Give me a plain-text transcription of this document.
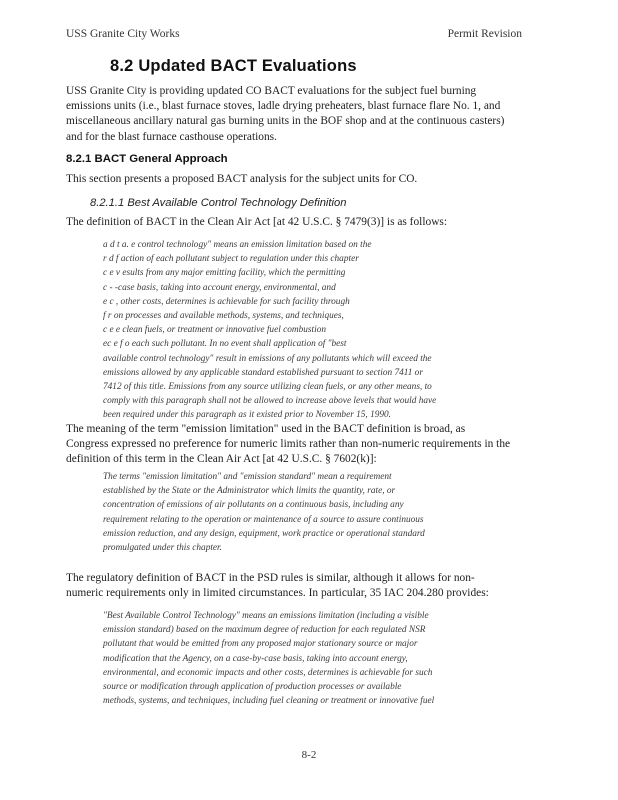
USS Granite City Works	Permit Revision
8.2 Updated BACT Evaluations
USS Granite City is providing updated CO BACT evaluations for the subject fuel burning
emissions units (i.e., blast furnace stoves, ladle drying preheaters, blast furnace flare No. 1, and
miscellaneous ancillary natural gas burning units in the BOF shop and at the continuous casters)
and for the blast furnace casthouse operations.
8.2.1 BACT General Approach
This section presents a proposed BACT analysis for the subject units for CO.
8.2.1.1 Best Available Control Technology Definition
The definition of BACT in the Clean Air Act [at 42 U.S.C. § 7479(3)] is as follows:
a d t a. e control technology" means an emission limitation based on the
r d f action of each pollutant subject to regulation under this chapter
c e v esults from any major emitting facility, which the permitting
c - -case basis, taking into account energy, environmental, and
e c , other costs, determines is achievable for such facility through
f r on processes and available methods, systems, and techniques,
c e e clean fuels, or treatment or innovative fuel combustion
ec e f o each such pollutant. In no event shall application of "best
available control technology" result in emissions of any pollutants which will exceed the
emissions allowed by any applicable standard established pursuant to section 7411 or
7412 of this title. Emissions from any source utilizing clean fuels, or any other means, to
comply with this paragraph shall not be allowed to increase above levels that would have
been required under this paragraph as it existed prior to November 15, 1990.
The meaning of the term "emission limitation" used in the BACT definition is broad, as
Congress expressed no preference for numeric limits rather than non-numeric requirements in the
definition of this term in the Clean Air Act [at 42 U.S.C. § 7602(k)]:
The terms "emission limitation" and "emission standard" mean a requirement
established by the State or the Administrator which limits the quantity, rate, or
concentration of emissions of air pollutants on a continuous basis, including any
requirement relating to the operation or maintenance of a source to assure continuous
emission reduction, and any design, equipment, work practice or operational standard
promulgated under this chapter.
The regulatory definition of BACT in the PSD rules is similar, although it allows for non-
numeric requirements only in limited circumstances. In particular, 35 IAC 204.280 provides:
"Best Available Control Technology" means an emissions limitation (including a visible
emission standard) based on the maximum degree of reduction for each regulated NSR
pollutant that would be emitted from any proposed major stationary source or major
modification that the Agency, on a case-by-case basis, taking into account energy,
environmental, and economic impacts and other costs, determines is achievable for such
source or modification through application of production processes or available
methods, systems, and techniques, including fuel cleaning or treatment or innovative fuel
8-2
